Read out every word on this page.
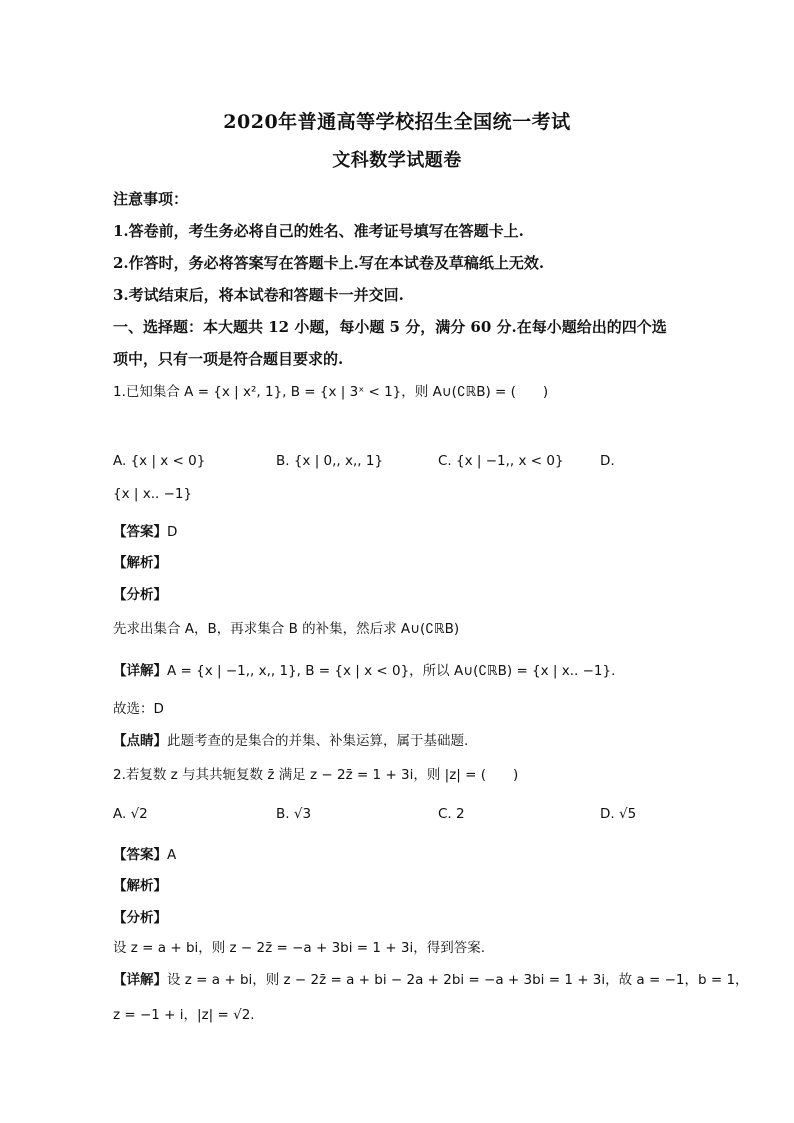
2020年普通高等学校招生全国统一考试
文科数学试题卷
注意事项：
1.答卷前，考生务必将自己的姓名、准考证号填写在答题卡上.
2.作答时，务必将答案写在答题卡上.写在本试卷及草稿纸上无效.
3.考试结束后，将本试卷和答题卡一并交回.
一、选择题：本大题共 12 小题，每小题 5 分，满分 60 分.在每小题给出的四个选
项中，只有一项是符合题目要求的.
1.已知集合 A = {x | x², 1}, B = {x | 3ˣ < 1}，则 A∪(∁ℝB) = (　　)
A. {x | x < 0}	B. {x | 0,, x,, 1}	C. {x | −1,, x < 0}	D.
{x | x.. −1}
【答案】D
【解析】
【分析】
先求出集合 A，B，再求集合 B 的补集，然后求 A∪(∁ℝB)
【详解】A = {x | −1,, x,, 1}, B = {x | x < 0}，所以 A∪(∁ℝB) = {x | x.. −1}.
故选：D
【点睛】此题考查的是集合的并集、补集运算，属于基础题.
2.若复数 z 与其共轭复数 z̄ 满足 z − 2z̄ = 1 + 3i，则 |z| = (　　)
A. √2	B. √3	C. 2	D. √5
【答案】A
【解析】
【分析】
设 z = a + bi，则 z − 2z̄ = −a + 3bi = 1 + 3i，得到答案.
【详解】设 z = a + bi，则 z − 2z̄ = a + bi − 2a + 2bi = −a + 3bi = 1 + 3i，故 a = −1，b = 1，
z = −1 + i，|z| = √2.
